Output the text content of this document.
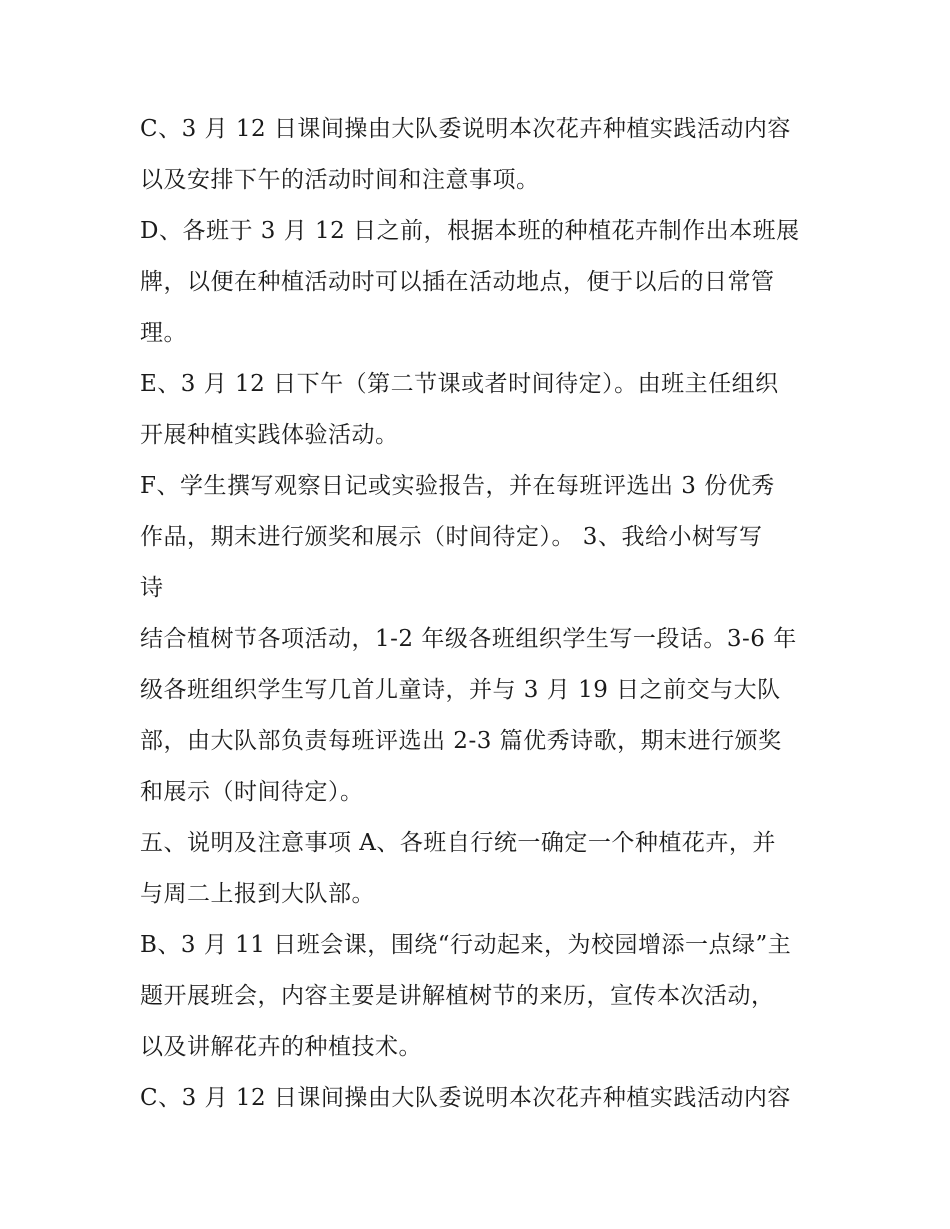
C、3 月 12 日课间操由大队委说明本次花卉种植实践活动内容
以及安排下午的活动时间和注意事项。
D、各班于 3 月 12 日之前，根据本班的种植花卉制作出本班展
牌，以便在种植活动时可以插在活动地点，便于以后的日常管
理。
E、3 月 12 日下午（第二节课或者时间待定）。由班主任组织
开展种植实践体验活动。
F、学生撰写观察日记或实验报告，并在每班评选出 3 份优秀
作品，期末进行颁奖和展示（时间待定）。 3、我给小树写写
诗
结合植树节各项活动，1-2 年级各班组织学生写一段话。3-6 年
级各班组织学生写几首儿童诗，并与 3 月 19 日之前交与大队
部，由大队部负责每班评选出 2-3 篇优秀诗歌，期末进行颁奖
和展示（时间待定）。
五、说明及注意事项 A、各班自行统一确定一个种植花卉，并
与周二上报到大队部。
B、3 月 11 日班会课，围绕“行动起来，为校园增添一点绿”主
题开展班会，内容主要是讲解植树节的来历，宣传本次活动，
以及讲解花卉的种植技术。
C、3 月 12 日课间操由大队委说明本次花卉种植实践活动内容
